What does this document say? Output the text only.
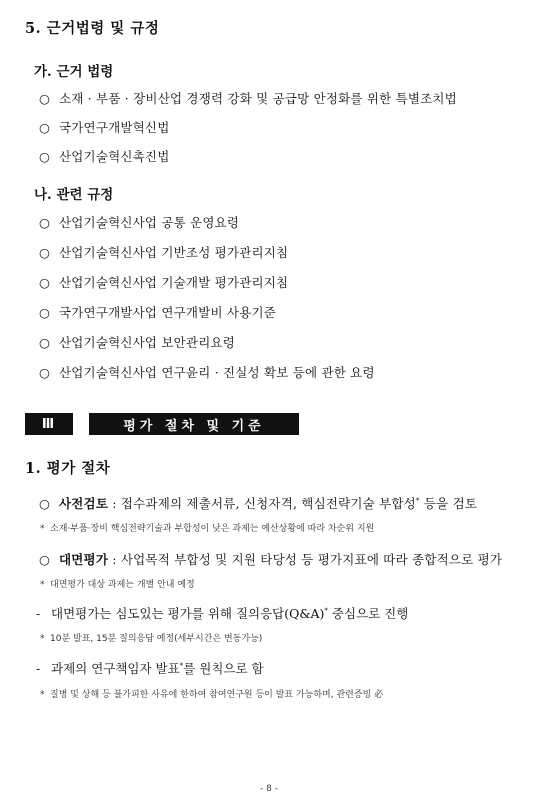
5. 근거법령 및 규정
가. 근거 법령
○ 소재 · 부품 · 장비산업 경쟁력 강화 및 공급망 안정화를 위한 특별조치법
○ 국가연구개발혁신법
○ 산업기술혁신촉진법
나. 관련 규정
○ 산업기술혁신사업 공통 운영요령
○ 산업기술혁신사업 기반조성 평가관리지침
○ 산업기술혁신사업 기술개발 평가관리지침
○ 국가연구개발사업 연구개발비 사용기준
○ 산업기술혁신사업 보안관리요령
○ 산업기술혁신사업 연구윤리 · 진실성 확보 등에 관한 요령
Ⅲ	평가 절차 및 기준
1. 평가 절차
○ 사전검토 : 접수과제의 제출서류, 신청자격, 핵심전략기술 부합성* 등을 검토
* 소재·부품·장비 핵심전략기술과 부합성이 낮은 과제는 예산상황에 따라 차순위 지원
○ 대면평가 : 사업목적 부합성 및 지원 타당성 등 평가지표에 따라 종합적으로 평가
* 대면평가 대상 과제는 개별 안내 예정
- 대면평가는 심도있는 평가를 위해 질의응답(Q&A)* 중심으로 진행
* 10분 발표, 15분 질의응답 예정(세부시간은 변동가능)
- 과제의 연구책임자 발표*를 원칙으로 함
* 질병 및 상해 등 불가피한 사유에 한하여 참여연구원 등이 발표 가능하며, 관련증빙 必
- 8 -
